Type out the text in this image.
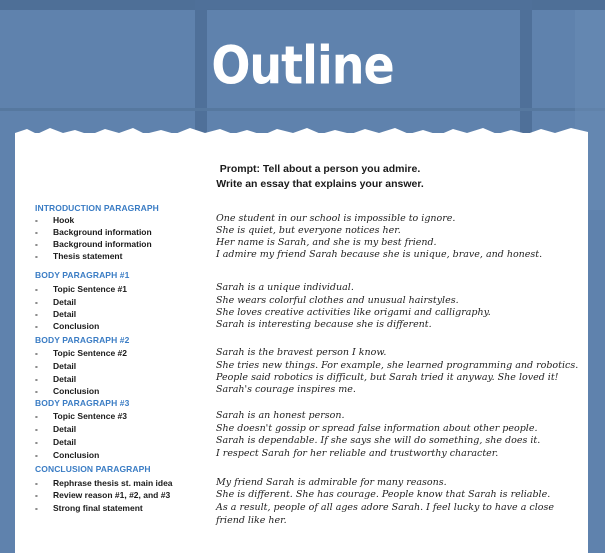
Outline
Prompt: Tell about a person you admire.
Write an essay that explains your answer.
INTRODUCTION PARAGRAPH
- Hook	One student in our school is impossible to ignore.
- Background information	She is quiet, but everyone notices her.
- Background information	Her name is Sarah, and she is my best friend.
- Thesis statement	I admire my friend Sarah because she is unique, brave, and honest.
BODY PARAGRAPH #1
- Topic Sentence #1	Sarah is a unique individual.
- Detail	She wears colorful clothes and unusual hairstyles.
- Detail	She loves creative activities like origami and calligraphy.
- Conclusion	Sarah is interesting because she is different.
BODY PARAGRAPH #2
- Topic Sentence #2	Sarah is the bravest person I know.
- Detail	She tries new things. For example, she learned programming and robotics.
- Detail	People said robotics is difficult, but Sarah tried it anyway. She loved it!
- Conclusion	Sarah's courage inspires me.
BODY PARAGRAPH #3
- Topic Sentence #3	Sarah is an honest person.
- Detail	She doesn't gossip or spread false information about other people.
- Detail	Sarah is dependable. If she says she will do something, she does it.
- Conclusion	I respect Sarah for her reliable and trustworthy character.
CONCLUSION PARAGRAPH
- Rephrase thesis st. main idea	My friend Sarah is admirable for many reasons.
- Review reason #1, #2, and #3	She is different. She has courage. People know that Sarah is reliable.
- Strong final statement	As a result, people of all ages adore Sarah. I feel lucky to have a close friend like her.
